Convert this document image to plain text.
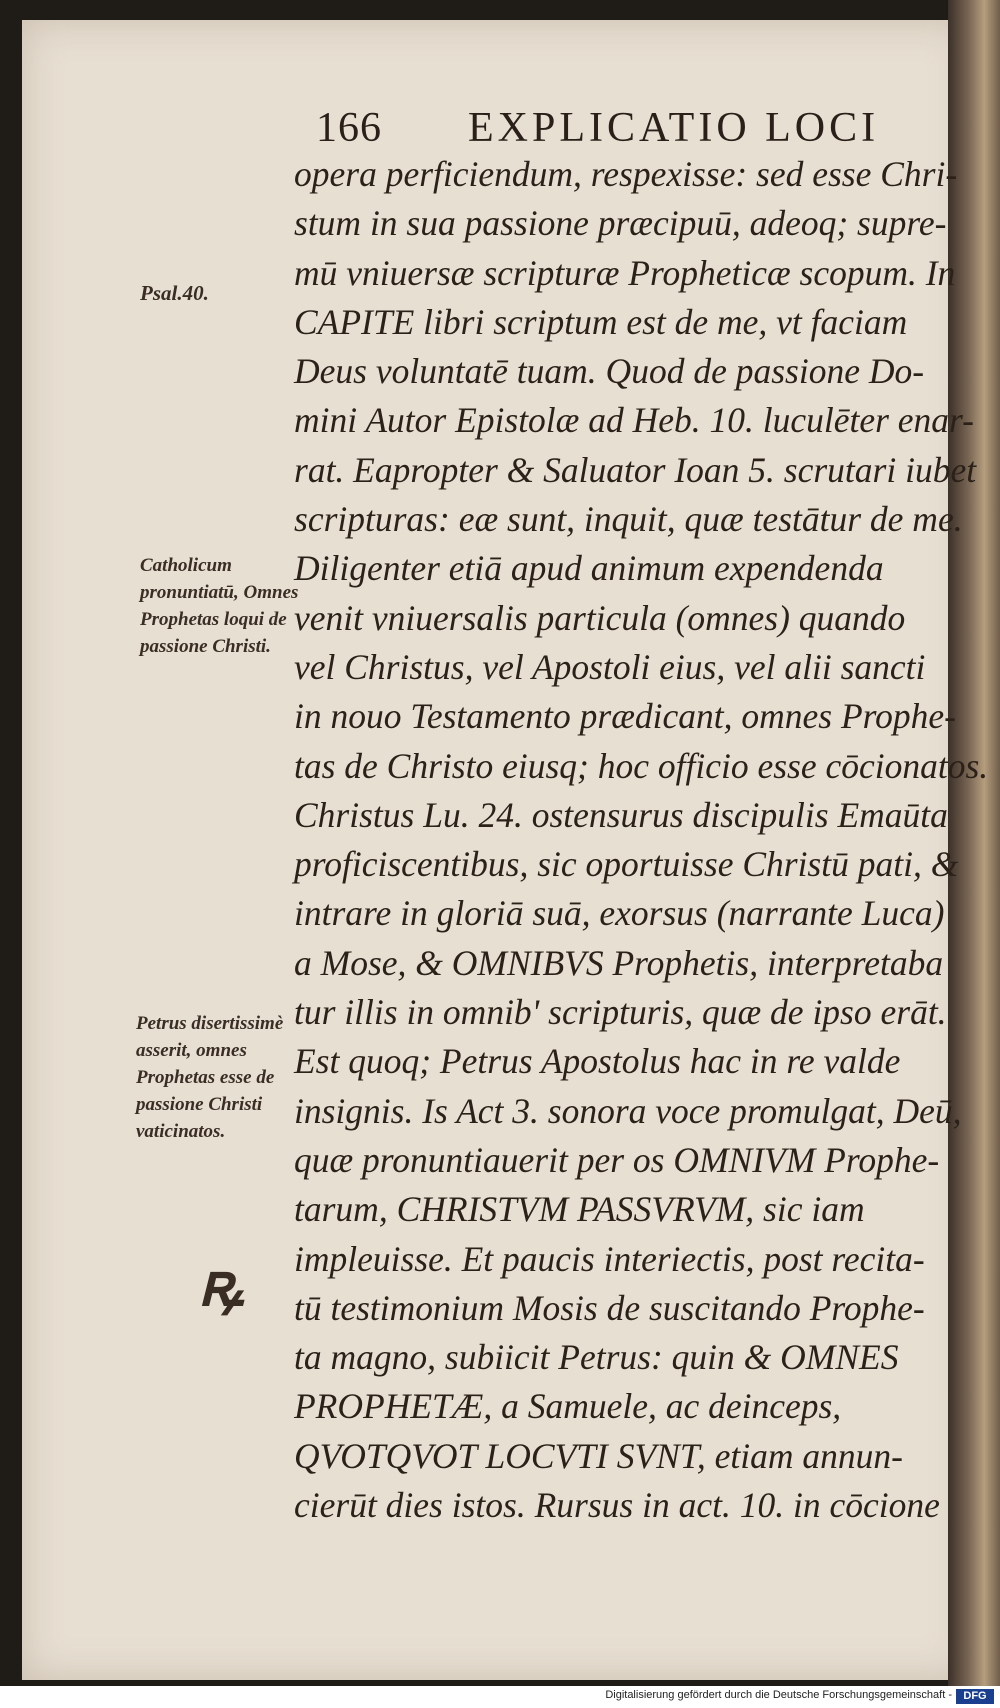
166 EXPLICATIO LOCI
Psal.40.
Catholicum pronuntiatū, Omnes Prophetas loqui de passione Christi.
Petrus disertissimè asserit, omnes Prophetas esse de passione Christi vaticinatos.
ꝶ
opera perficiendum, respexisse: sed esse Chri-
stum in sua passione præcipuū, adeoq; supre-
mū vniuersæ scripturæ Propheticæ scopum. In
CAPITE libri scriptum est de me, vt faciam
Deus voluntatē tuam. Quod de passione Do-
mini Autor Epistolæ ad Heb. 10. luculēter enar-
rat. Eapropter & Saluator Ioan 5. scrutari iubet
scripturas: eæ sunt, inquit, quæ testātur de me.
Diligenter etiā apud animum expendenda
venit vniuersalis particula (omnes) quando
vel Christus, vel Apostoli eius, vel alii sancti
in nouo Testamento prædicant, omnes Prophe-
tas de Christo eiusq; hoc officio esse cōcionatos.
Christus Lu. 24. ostensurus discipulis Emaūta
proficiscentibus, sic oportuisse Christū pati, &
intrare in gloriā suā, exorsus (narrante Luca)
a Mose, & OMNIBVS Prophetis, interpretaba
tur illis in omnib' scripturis, quæ de ipso erāt.
Est quoq; Petrus Apostolus hac in re valde
insignis. Is Act 3. sonora voce promulgat, Deū,
quæ pronuntiauerit per os OMNIVM Prophe-
tarum, CHRISTVM PASSVRVM, sic iam
impleuisse. Et paucis interiectis, post recita-
tū testimonium Mosis de suscitando Prophe-
ta magno, subiicit Petrus: quin & OMNES
PROPHETÆ, a Samuele, ac deinceps,
QVOTQVOT LOCVTI SVNT, etiam annun-
cierūt dies istos. Rursus in act. 10. in cōcione
Digitalisierung gefördert durch die Deutsche Forschungsgemeinschaft -	DFG
